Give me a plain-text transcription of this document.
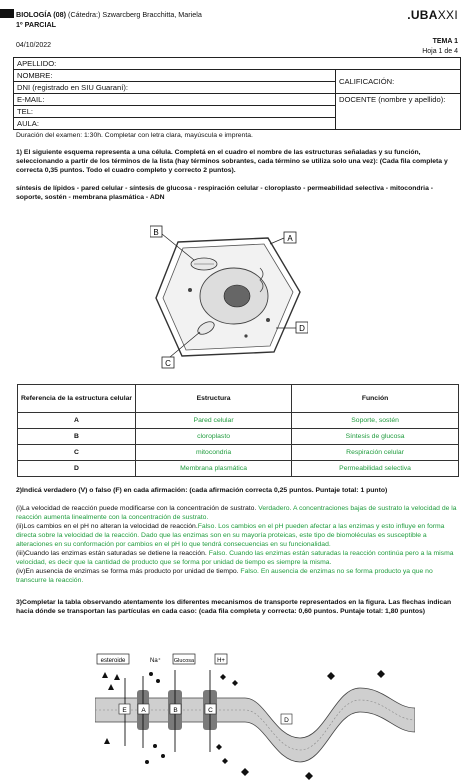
BIOLOGÍA (08) (Cátedra:) Szwarcberg Bracchitta, Mariela
1º PARCIAL
.UBAXXI
04/10/2022
TEMA 1
Hoja 1 de 4
APELLIDO:	
NOMBRE:	CALIFICACIÓN:
DNI (registrado en SIU Guaraní):	
E-MAIL:	DOCENTE (nombre y apellido):
TEL:	
AULA:	
Duración del examen: 1:30h. Completar con letra clara, mayúscula e imprenta.
1) El siguiente esquema representa a una célula. Completá en el cuadro el nombre de las estructuras señaladas y su función, seleccionando a partir de los términos de la lista (hay términos sobrantes, cada término se utiliza solo una vez): (Cada fila completa y correcta 0,35 puntos. Todo el cuadro completo y correcto 2 puntos).
síntesis de lípidos - pared celular - síntesis de glucosa - respiración celular - cloroplasto - permeabilidad selectiva - mitocondria - soporte, sostén - membrana plasmática - ADN
B
A
D
C
Referencia de la estructura celular	Estructura	Función
A	Pared celular	Soporte, sostén
B	cloroplasto	Síntesis de glucosa
C	mitocondria	Respiración celular
D	Membrana plasmática	Permeabilidad selectiva
2)Indicá verdadero (V) o falso (F) en cada afirmación: (cada afirmación correcta 0,25 puntos. Puntaje total: 1 punto)
(i)La velocidad de reacción puede modificarse con la concentración de sustrato. Verdadero. A concentraciones bajas de sustrato la velocidad de la reacción aumenta linealmente con la concentración de sustrato.
(ii)Los cambios en el pH no alteran la velocidad de reacción.Falso. Los cambios en el pH pueden afectar a las enzimas y esto influye en forma directa sobre la velocidad de la reacción. Dado que las enzimas son en su mayoría proteicas, este tipo de biomoléculas es susceptible a alteraciones en su conformación por cambios en el pH lo que tendrá consecuencias en su funcionalidad.
(iii)Cuando las enzimas están saturadas se detiene la reacción. Falso. Cuando las enzimas están saturadas la reacción continúa pero a la misma velocidad, es decir que la cantidad de producto que se forma por unidad de tiempo es siempre la misma.
(iv)En ausencia de enzimas se forma más producto por unidad de tiempo. Falso. En ausencia de enzimas no se forma producto ya que no transcurre la reacción.
3)Completar la tabla observando atentamente los diferentes mecanismos de transporte representados en la figura. Las flechas indican hacia dónde se transportan las partículas en cada caso: (cada fila completa y correcta: 0,60 puntos. Puntaje total: 1,80 puntos)
esteroide	Na⁺ Glucosa	H+
E A	B	C
D
